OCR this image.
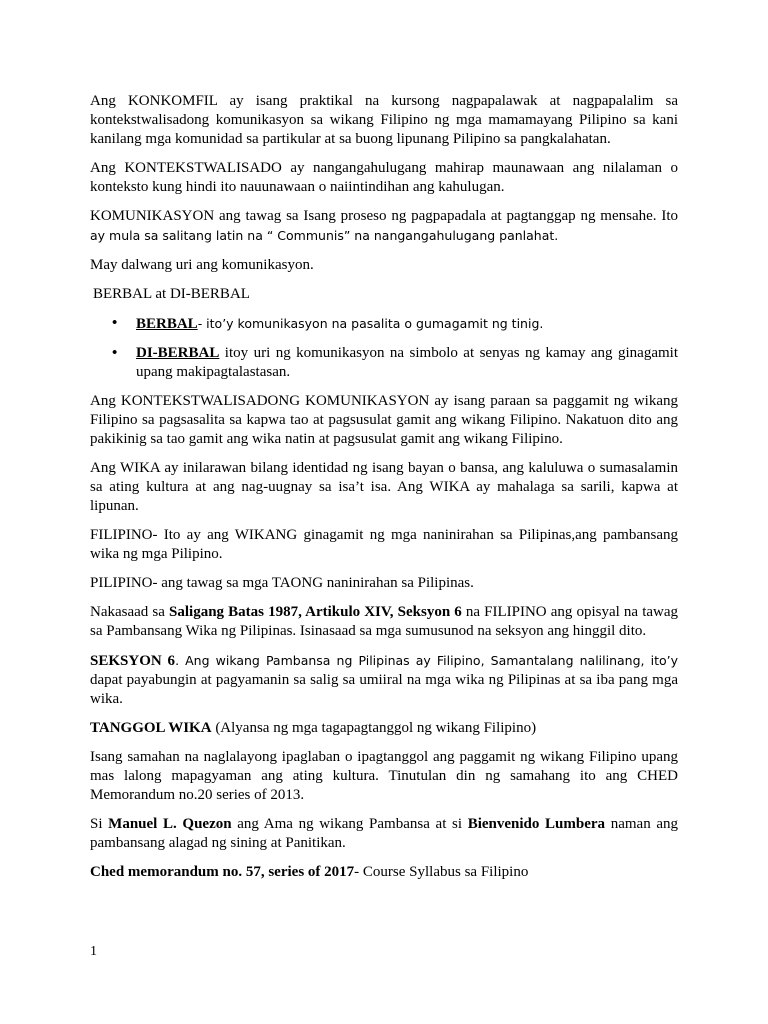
Ang KONKOMFIL ay isang praktikal na kursong nagpapalawak at nagpapalalim sa kontekstwalisadong komunikasyon sa wikang Filipino ng mga mamamayang Pilipino sa kani kanilang mga komunidad sa partikular at sa buong lipunang Pilipino sa pangkalahatan.

Ang KONTEKSTWALISADO ay nangangahulugang mahirap maunawaan ang nilalaman o konteksto kung hindi ito nauunawaan o naiintindihan ang kahulugan.

KOMUNIKASYON ang tawag sa Isang proseso ng pagpapadala at pagtanggap ng mensahe. Ito ay mula sa salitang latin na “ Communis” na nangangahulugang panlahat.

May dalwang uri ang komunikasyon.

BERBAL at DI-BERBAL

• BERBAL- ito’y komunikasyon na pasalita o gumagamit ng tinig.
• DI-BERBAL itoy uri ng komunikasyon na simbolo at senyas ng kamay ang ginagamit upang makipagtalastasan.

Ang KONTEKSTWALISADONG KOMUNIKASYON ay isang paraan sa paggamit ng wikang Filipino sa pagsasalita sa kapwa tao at pagsusulat gamit ang wikang Filipino. Nakatuon dito ang pakikinig sa tao gamit ang wika natin at pagsusulat gamit ang wikang Filipino.

Ang WIKA ay inilarawan bilang identidad ng isang bayan o bansa, ang kaluluwa o sumasalamin sa ating kultura at ang nag-uugnay sa isa’t isa. Ang WIKA ay mahalaga sa sarili, kapwa at lipunan.

FILIPINO- Ito ay ang WIKANG ginagamit ng mga naninirahan sa Pilipinas,ang pambansang wika ng mga Pilipino.

PILIPINO- ang tawag sa mga TAONG naninirahan sa Pilipinas.

Nakasaad sa Saligang Batas 1987, Artikulo XIV, Seksyon 6 na FILIPINO ang opisyal na tawag sa Pambansang Wika ng Pilipinas. Isinasaad sa mga sumusunod na seksyon ang hinggil dito.

SEKSYON 6. Ang wikang Pambansa ng Pilipinas ay Filipino, Samantalang nalilinang, ito’y dapat payabungin at pagyamanin sa salig sa umiiral na mga wika ng Pilipinas at sa iba pang mga wika.

TANGGOL WIKA (Alyansa ng mga tagapagtanggol ng wikang Filipino)

Isang samahan na naglalayong ipaglaban o ipagtanggol ang paggamit ng wikang Filipino upang mas lalong mapagyaman ang ating kultura. Tinutulan din ng samahang ito ang CHED Memorandum no.20 series of 2013.

Si Manuel L. Quezon ang Ama ng wikang Pambansa at si Bienvenido Lumbera naman ang pambansang alagad ng sining at Panitikan.

Ched memorandum no. 57, series of 2017- Course Syllabus sa Filipino

1
